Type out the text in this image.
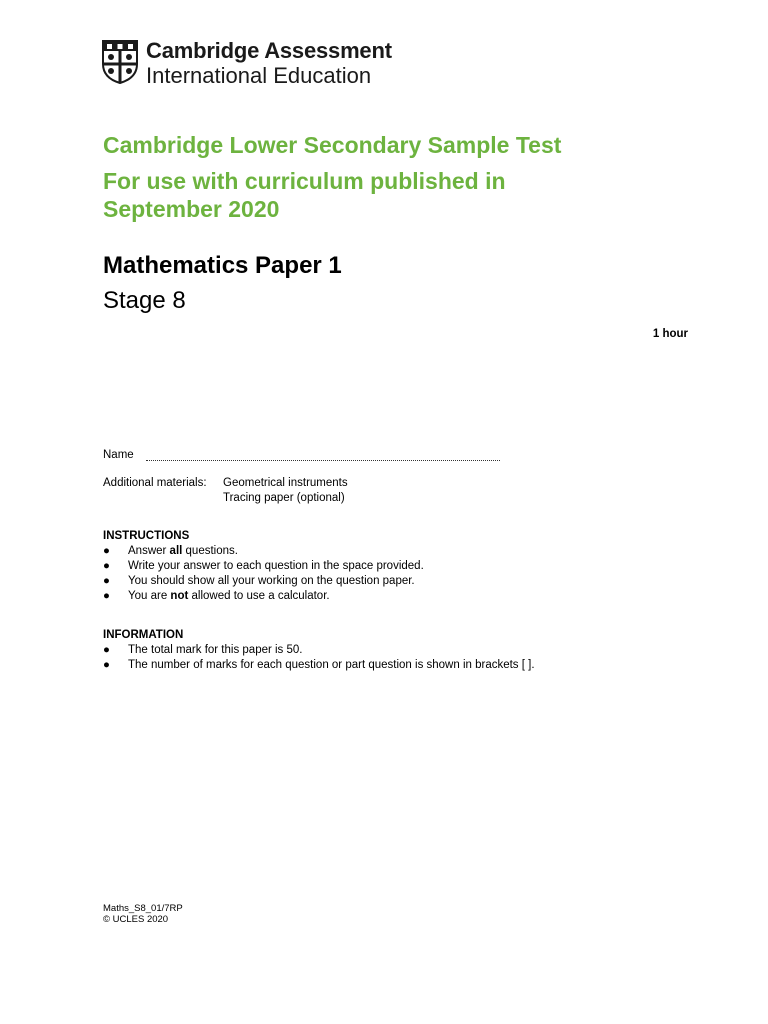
Cambridge Assessment
International Education
Cambridge Lower Secondary Sample Test
For use with curriculum published in
September 2020
Mathematics Paper 1
Stage 8
1 hour
Name
Additional materials: Geometrical instruments
Tracing paper (optional)
INSTRUCTIONS
● Answer all questions.
● Write your answer to each question in the space provided.
● You should show all your working on the question paper.
● You are not allowed to use a calculator.
INFORMATION
● The total mark for this paper is 50.
● The number of marks for each question or part question is shown in brackets [ ].
Maths_S8_01/7RP
© UCLES 2020
